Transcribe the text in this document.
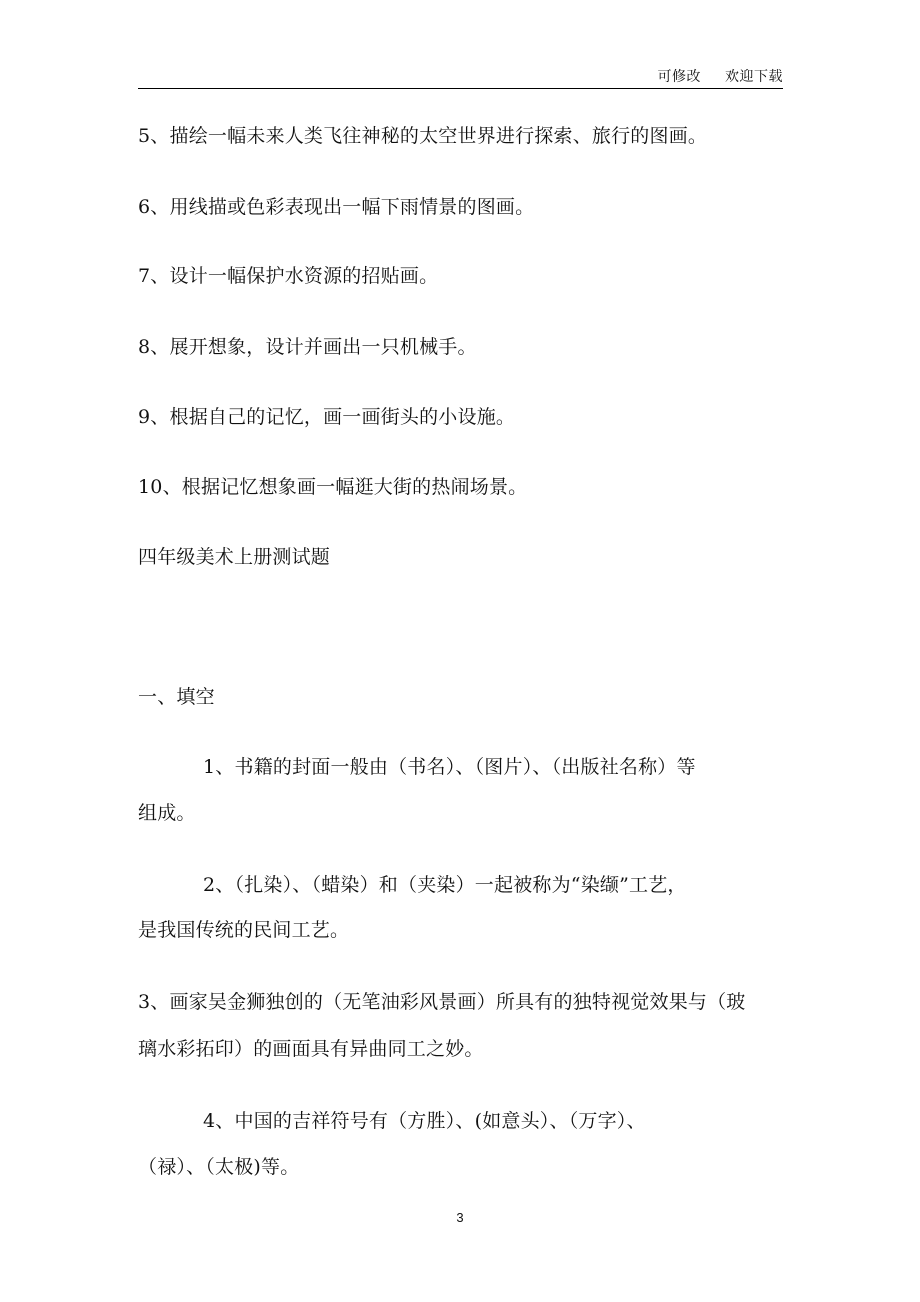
可修改 欢迎下载
5、描绘一幅未来人类飞往神秘的太空世界进行探索、旅行的图画。
6、用线描或色彩表现出一幅下雨情景的图画。
7、设计一幅保护水资源的招贴画。
8、展开想象，设计并画出一只机械手。
9、根据自己的记忆，画一画街头的小设施。
10、根据记忆想象画一幅逛大街的热闹场景。
四年级美术上册测试题
一、填空
1、书籍的封面一般由（书名）、（图片）、（出版社名称）等
组成。
2、（扎染）、（蜡染）和（夹染）一起被称为“染缬”工艺，
是我国传统的民间工艺。
3、画家吴金狮独创的（无笔油彩风景画）所具有的独特视觉效果与（玻
璃水彩拓印）的画面具有异曲同工之妙。
4、中国的吉祥符号有（方胜）、(如意头）、（万字）、
（禄）、（太极)等。
3
